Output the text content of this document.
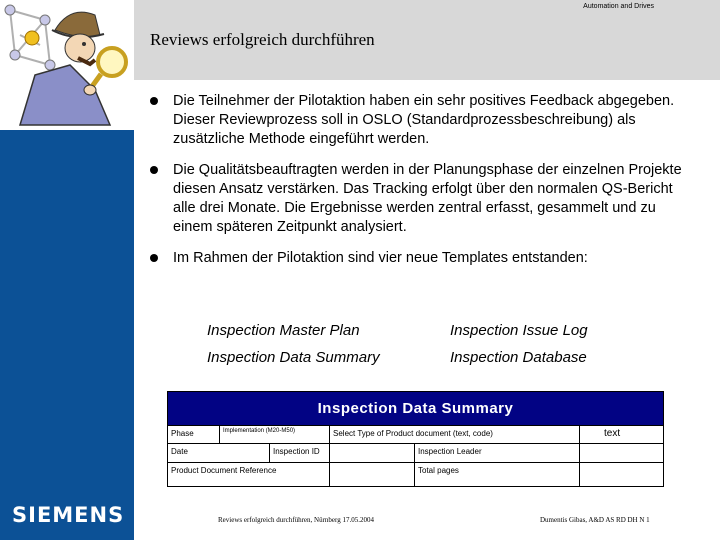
Automation and Drives
Reviews erfolgreich durchführen
SIEMENS
Die Teilnehmer der Pilotaktion haben ein sehr positives Feedback abgegeben. Dieser Reviewprozess soll in OSLO (Standardprozessbeschreibung) als zusätzliche Methode eingeführt werden.
Die Qualitätsbeauftragten werden in der Planungsphase der einzelnen Projekte diesen Ansatz verstärken. Das Tracking erfolgt über den normalen QS-Bericht alle drei Monate. Die Ergebnisse werden zentral erfasst, gesammelt und zu einem späteren Zeitpunkt analysiert.
Im Rahmen der Pilotaktion sind vier neue Templates entstanden:
Inspection Master Plan	Inspection Issue Log
Inspection Data Summary	Inspection Database
Inspection Data Summary
Phase	Implementation (M20-M50)	Select Type of Product document (text, code)	text
Date	Inspection ID	Inspection Leader
Product Document Reference	Total pages
Reviews erfolgreich durchführen, Nürnberg 17.05.2004	Dumentis Gibas, A&D AS RD DH N 1
